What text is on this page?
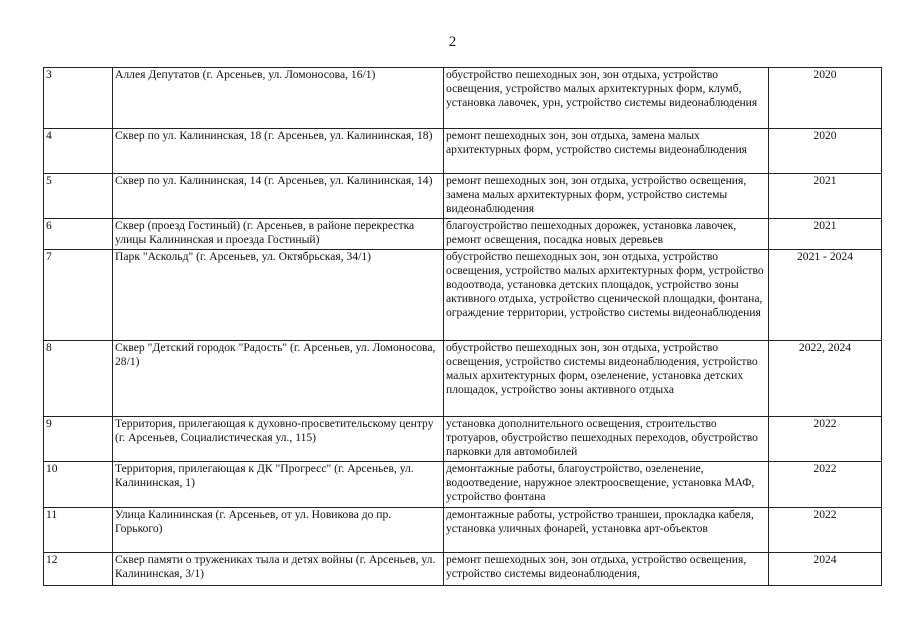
2
3	Аллея Депутатов (г. Арсеньев, ул. Ломоносова, 16/1)	обустройство пешеходных зон, зон отдыха, устройство освещения, устройство малых архитектурных форм, клумб, установка лавочек, урн, устройство системы видеонаблюдения	2020
4	Сквер по ул. Калининская, 18 (г. Арсеньев, ул. Калининская, 18)	ремонт пешеходных зон, зон отдыха, замена малых архитектурных форм, устройство системы видеонаблюдения	2020
5	Сквер по ул. Калининская, 14 (г. Арсеньев, ул. Калининская, 14)	ремонт пешеходных зон, зон отдыха, устройство освещения, замена малых архитектурных форм, устройство системы видеонаблюдения	2021
6	Сквер (проезд Гостиный) (г. Арсеньев, в районе перекрестка улицы Калининская и проезда Гостиный)	благоустройство пешеходных дорожек, установка лавочек, ремонт освещения, посадка новых деревьев	2021
7	Парк "Аскольд" (г. Арсеньев, ул. Октябрьская, 34/1)	обустройство пешеходных зон, зон отдыха, устройство освещения, устройство малых архитектурных форм, устройство водоотвода, установка детских площадок, устройство зоны активного отдыха, устройство сценической площадки, фонтана, ограждение территории, устройство системы видеонаблюдения	2021 - 2024
8	Сквер "Детский городок "Радость" (г. Арсеньев, ул. Ломоносова, 28/1)	обустройство пешеходных зон, зон отдыха, устройство освещения, устройство системы видеонаблюдения, устройство малых архитектурных форм, озеленение, установка детских площадок, устройство зоны активного отдыха	2022, 2024
9	Территория, прилегающая к духовно-просветительскому центру (г. Арсеньев, Социалистическая ул., 115)	установка дополнительного освещения, строительство тротуаров, обустройство пешеходных переходов, обустройство парковки для автомобилей	2022
10	Территория, прилегающая к ДК "Прогресс" (г. Арсеньев, ул. Калининская, 1)	демонтажные работы, благоустройство, озеленение, водоотведение, наружное электроосвещение, установка МАФ, устройство фонтана	2022
11	Улица Калининская (г. Арсеньев, от ул. Новикова до пр. Горького)	демонтажные работы, устройство траншеи, прокладка кабеля, установка уличных фонарей, установка арт-объектов	2022
12	Сквер памяти о тружениках тыла и детях войны (г. Арсеньев, ул. Калининская, 3/1)	ремонт пешеходных зон, зон отдыха, устройство освещения, устройство системы видеонаблюдения,	2024
